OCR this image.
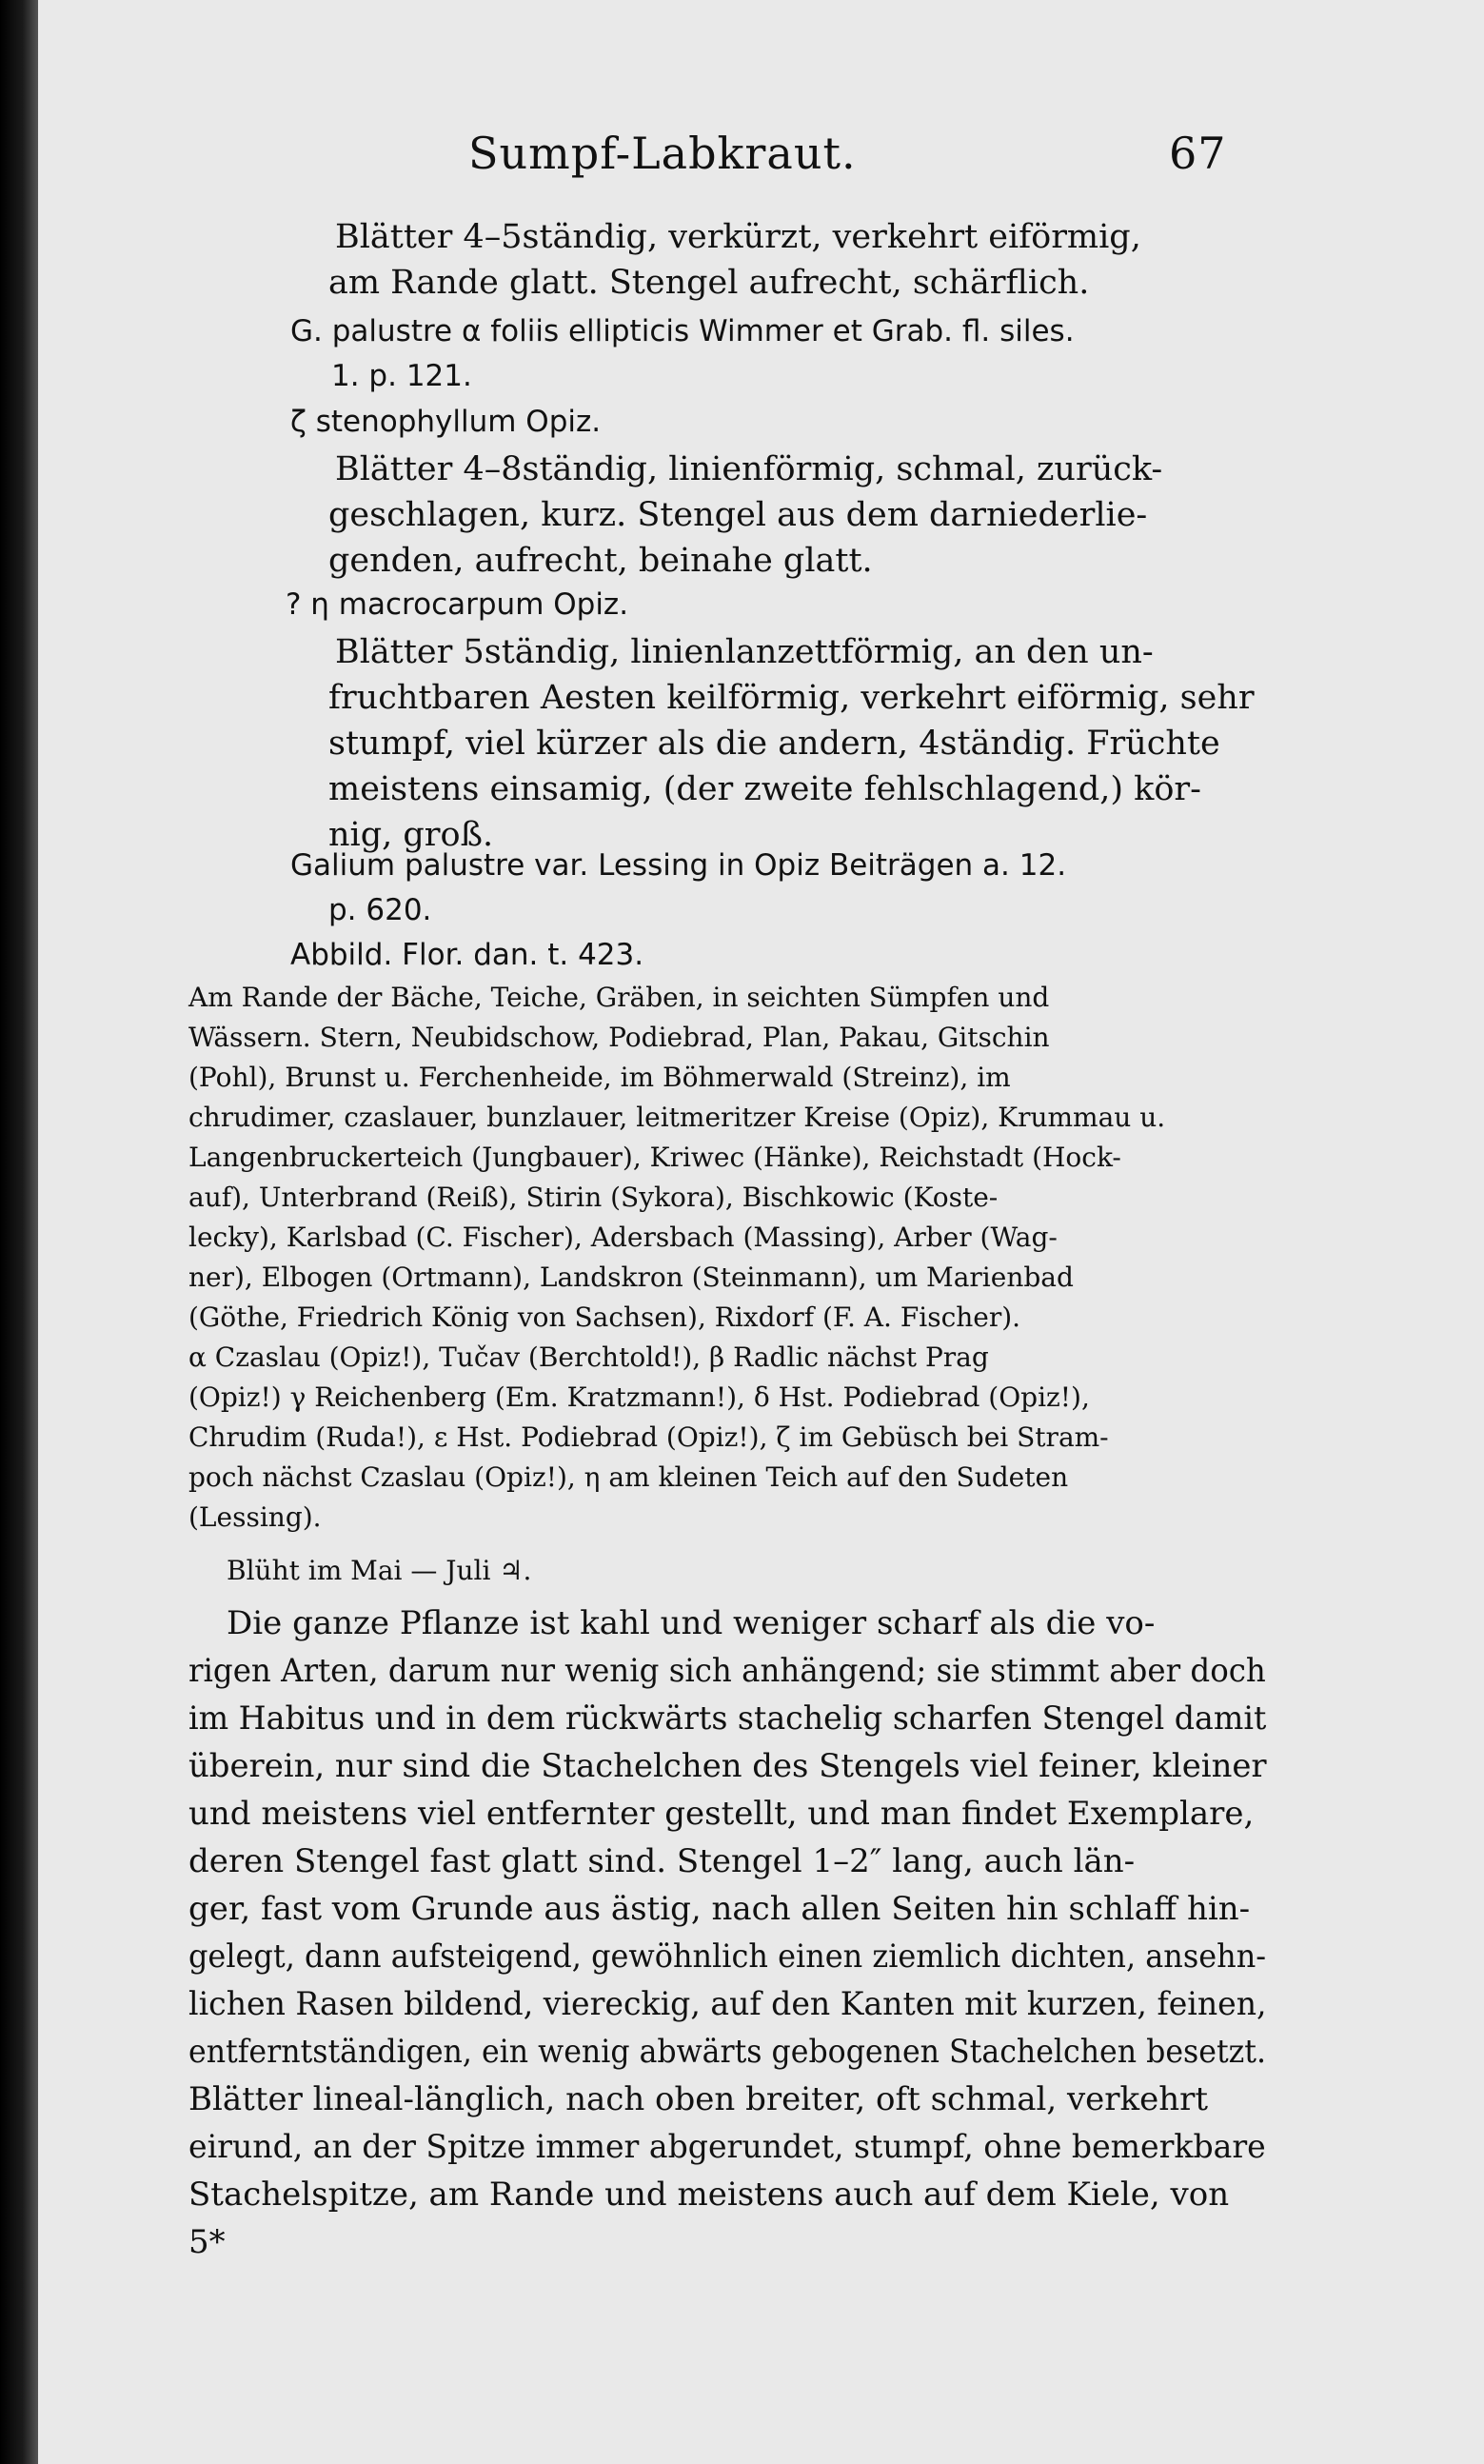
Sumpf-Labkraut.	67
Blätter 4–5ständig, verkürzt, verkehrt eiförmig,
am Rande glatt. Stengel aufrecht, schärflich.
G. palustre α foliis ellipticis Wimmer et Grab. fl. siles.
1. p. 121.
ζ stenophyllum Opiz.
Blätter 4–8ständig, linienförmig, schmal, zurück-
geschlagen, kurz. Stengel aus dem darniederlie-
genden, aufrecht, beinahe glatt.
? η macrocarpum Opiz.
Blätter 5ständig, linienlanzettförmig, an den un-
fruchtbaren Aesten keilförmig, verkehrt eiförmig, sehr
stumpf, viel kürzer als die andern, 4ständig. Früchte
meistens einsamig, (der zweite fehlschlagend,) kör-
nig, groß.
Galium palustre var. Lessing in Opiz Beiträgen a. 12.
p. 620.
Abbild. Flor. dan. t. 423.
Am Rande der Bäche, Teiche, Gräben, in seichten Sümpfen und
Wässern. Stern, Neubidschow, Podiebrad, Plan, Pakau, Gitschin
(Pohl), Brunst u. Ferchenheide, im Böhmerwald (Streinz), im
chrudimer, czaslauer, bunzlauer, leitmeritzer Kreise (Opiz), Krummau u.
Langenbruckerteich (Jungbauer), Kriwec (Hänke), Reichstadt (Hock-
auf), Unterbrand (Reiß), Stirin (Sykora), Bischkowic (Koste-
lecky), Karlsbad (C. Fischer), Adersbach (Massing), Arber (Wag-
ner), Elbogen (Ortmann), Landskron (Steinmann), um Marienbad
(Göthe, Friedrich König von Sachsen), Rixdorf (F. A. Fischer).
α Czaslau (Opiz!), Tučav (Berchtold!), β Radlic nächst Prag
(Opiz!) γ Reichenberg (Em. Kratzmann!), δ Hst. Podiebrad (Opiz!),
Chrudim (Ruda!), ε Hst. Podiebrad (Opiz!), ζ im Gebüsch bei Stram-
poch nächst Czaslau (Opiz!), η am kleinen Teich auf den Sudeten
(Lessing).
Blüht im Mai — Juli ♃.
Die ganze Pflanze ist kahl und weniger scharf als die vo-
rigen Arten, darum nur wenig sich anhängend; sie stimmt aber doch
im Habitus und in dem rückwärts stachelig scharfen Stengel damit
überein, nur sind die Stachelchen des Stengels viel feiner, kleiner
und meistens viel entfernter gestellt, und man findet Exemplare,
deren Stengel fast glatt sind. Stengel 1–2″ lang, auch län-
ger, fast vom Grunde aus ästig, nach allen Seiten hin schlaff hin-
gelegt, dann aufsteigend, gewöhnlich einen ziemlich dichten, ansehn-
lichen Rasen bildend, viereckig, auf den Kanten mit kurzen, feinen,
entferntständigen, ein wenig abwärts gebogenen Stachelchen besetzt.
Blätter lineal-länglich, nach oben breiter, oft schmal, verkehrt
eirund, an der Spitze immer abgerundet, stumpf, ohne bemerkbare
Stachelspitze, am Rande und meistens auch auf dem Kiele, von
5*
